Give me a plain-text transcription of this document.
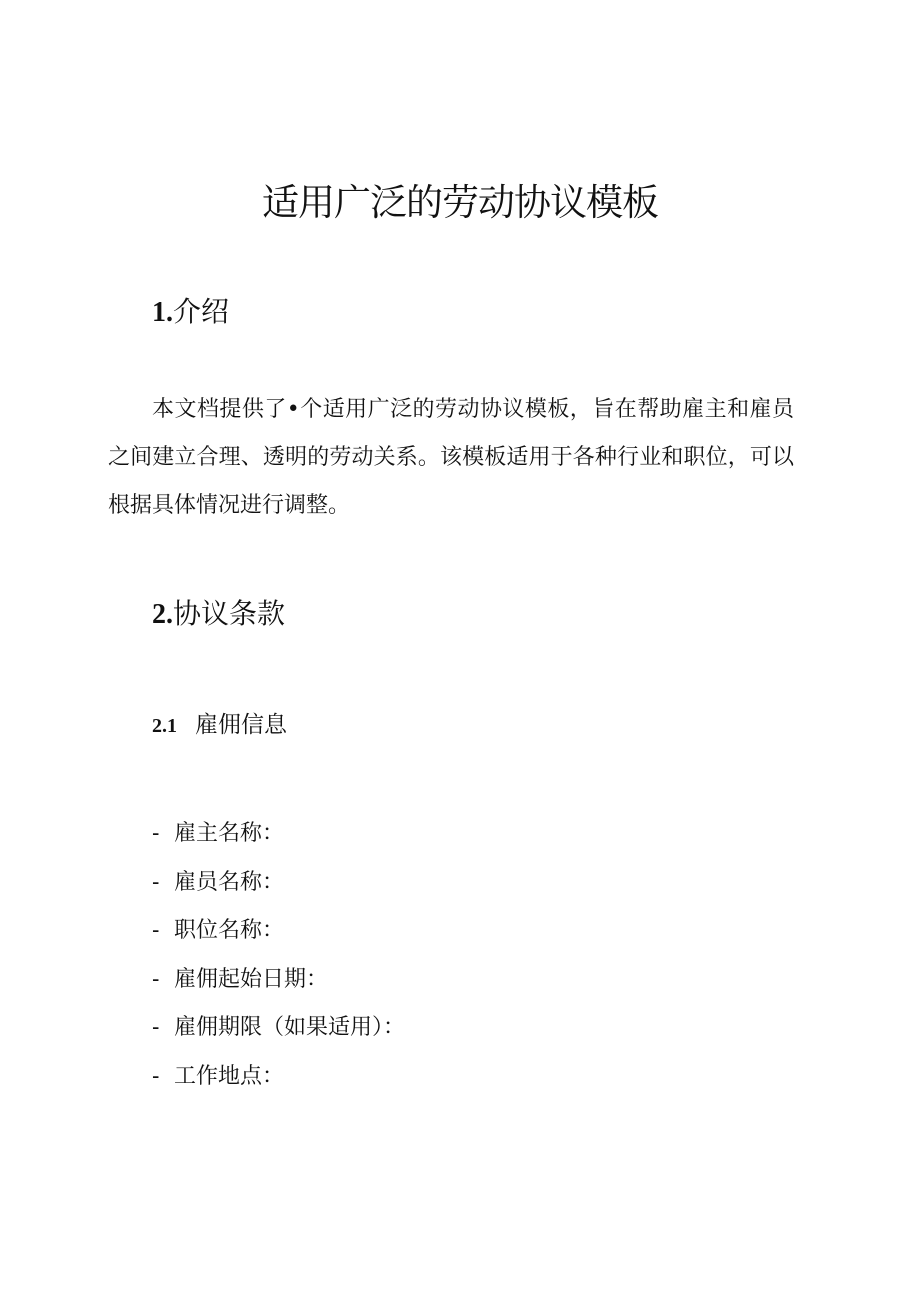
适用广泛的劳动协议模板
1.介绍

本文档提供了•个适用广泛的劳动协议模板，旨在帮助雇主和雇员之间建立合理、透明的劳动关系。该模板适用于各种行业和职位，可以根据具体情况进行调整。

2.协议条款
2.1 雇佣信息
- 雇主名称：
- 雇员名称：
- 职位名称：
- 雇佣起始日期：
- 雇佣期限（如果适用）：
- 工作地点：
